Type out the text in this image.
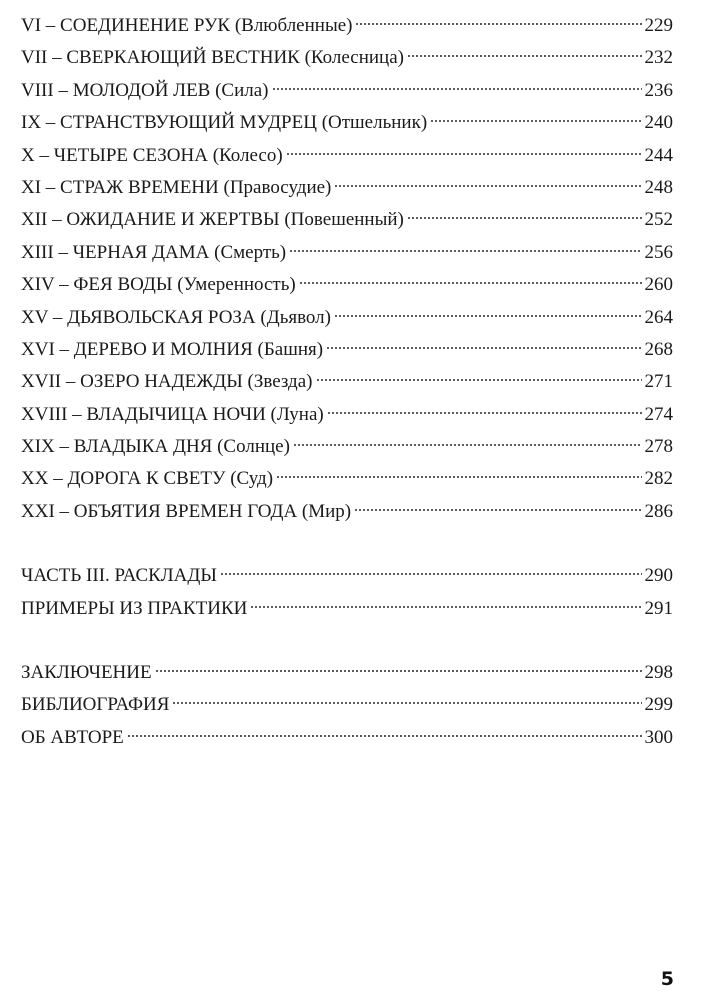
VI – СОЕДИНЕНИЕ РУК (Влюбленные)	229
VII – СВЕРКАЮЩИЙ ВЕСТНИК (Колесница)	232
VIII – МОЛОДОЙ ЛЕВ (Сила)	236
IX – СТРАНСТВУЮЩИЙ МУДРЕЦ (Отшельник)	240
X – ЧЕТЫРЕ СЕЗОНА (Колесо)	244
XI – СТРАЖ ВРЕМЕНИ (Правосудие)	248
XII – ОЖИДАНИЕ И ЖЕРТВЫ (Повешенный)	252
XIII – ЧЕРНАЯ ДАМА (Смерть)	256
XIV – ФЕЯ ВОДЫ (Умеренность)	260
XV – ДЬЯВОЛЬСКАЯ РОЗА (Дьявол)	264
XVI – ДЕРЕВО И МОЛНИЯ (Башня)	268
XVII – ОЗЕРО НАДЕЖДЫ (Звезда)	271
XVIII – ВЛАДЫЧИЦА НОЧИ (Луна)	274
XIX – ВЛАДЫКА ДНЯ (Солнце)	278
XX – ДОРОГА К СВЕТУ (Суд)	282
XXI – ОБЪЯТИЯ ВРЕМЕН ГОДА (Мир)	286
ЧАСТЬ III. РАСКЛАДЫ	290
ПРИМЕРЫ ИЗ ПРАКТИКИ	291
ЗАКЛЮЧЕНИЕ	298
БИБЛИОГРАФИЯ	299
ОБ АВТОРЕ	300
5
